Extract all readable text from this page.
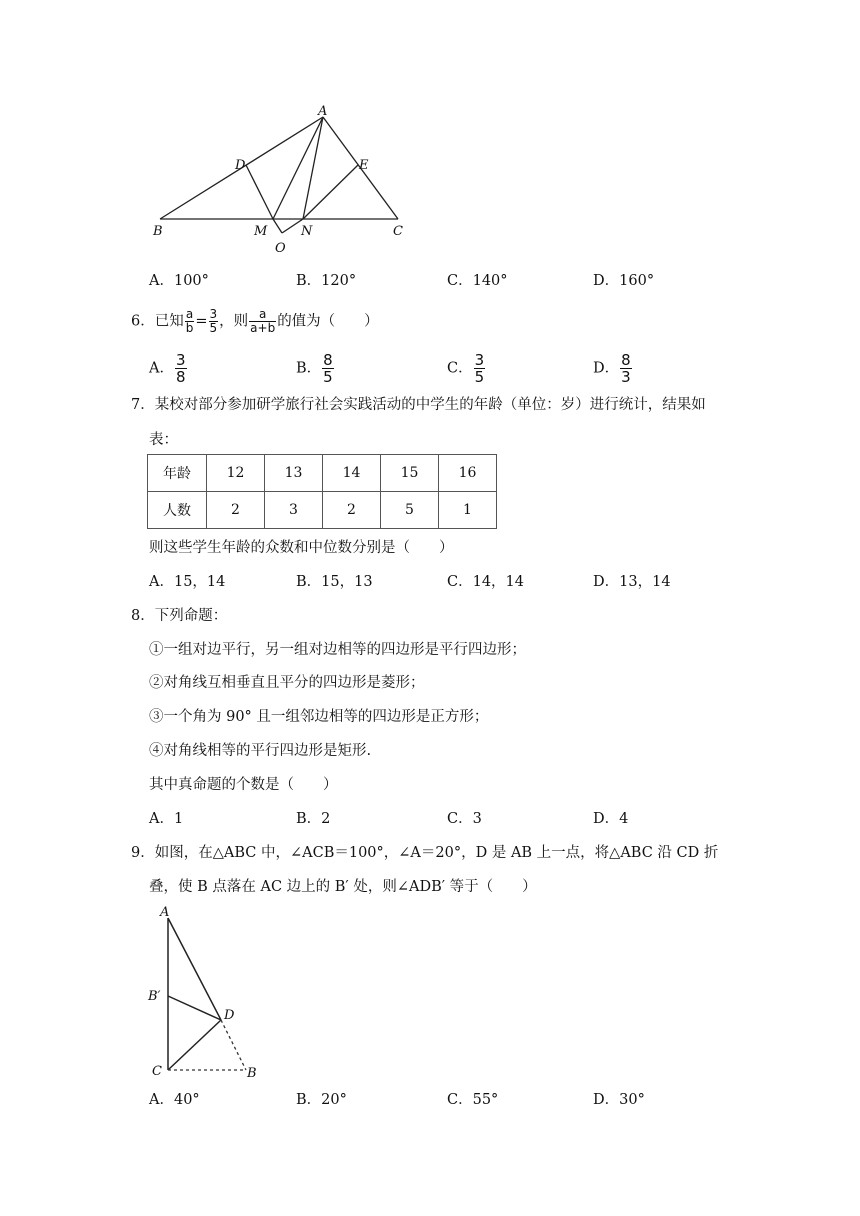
A
D	E
B	M	N	C
O
A．100°	B．120°	C．140°	D．160°
6．已知 $\frac{a}{b} = \frac{3}{5}$ ，则 $\frac{a}{a+b}$ 的值为（　　）
A． $\frac{3}{8}$	B． $\frac{8}{5}$	C． $\frac{3}{5}$	D． $\frac{8}{3}$
7．某校对部分参加研学旅行社会实践活动的中学生的年龄（单位：岁）进行统计，结果如
表：
年龄	12	13	14	15	16
人数	2	3	2	5	1
则这些学生年龄的众数和中位数分别是（　　）
A．15，14	B．15，13	C．14，14	D．13，14
8．下列命题：
①一组对边平行，另一组对边相等的四边形是平行四边形；
②对角线互相垂直且平分的四边形是菱形；
③一个角为 90° 且一组邻边相等的四边形是正方形；
④对角线相等的平行四边形是矩形.
其中真命题的个数是（　　）
A．1	B．2	C．3	D．4
9．如图，在△ABC 中，∠ACB＝100°，∠A＝20°，D 是 AB 上一点，将△ABC 沿 CD 折
叠，使 B 点落在 AC 边上的 B′ 处，则∠ADB′ 等于（　　）
A
B′
D
C	B
A．40°	B．20°	C．55°	D．30°
